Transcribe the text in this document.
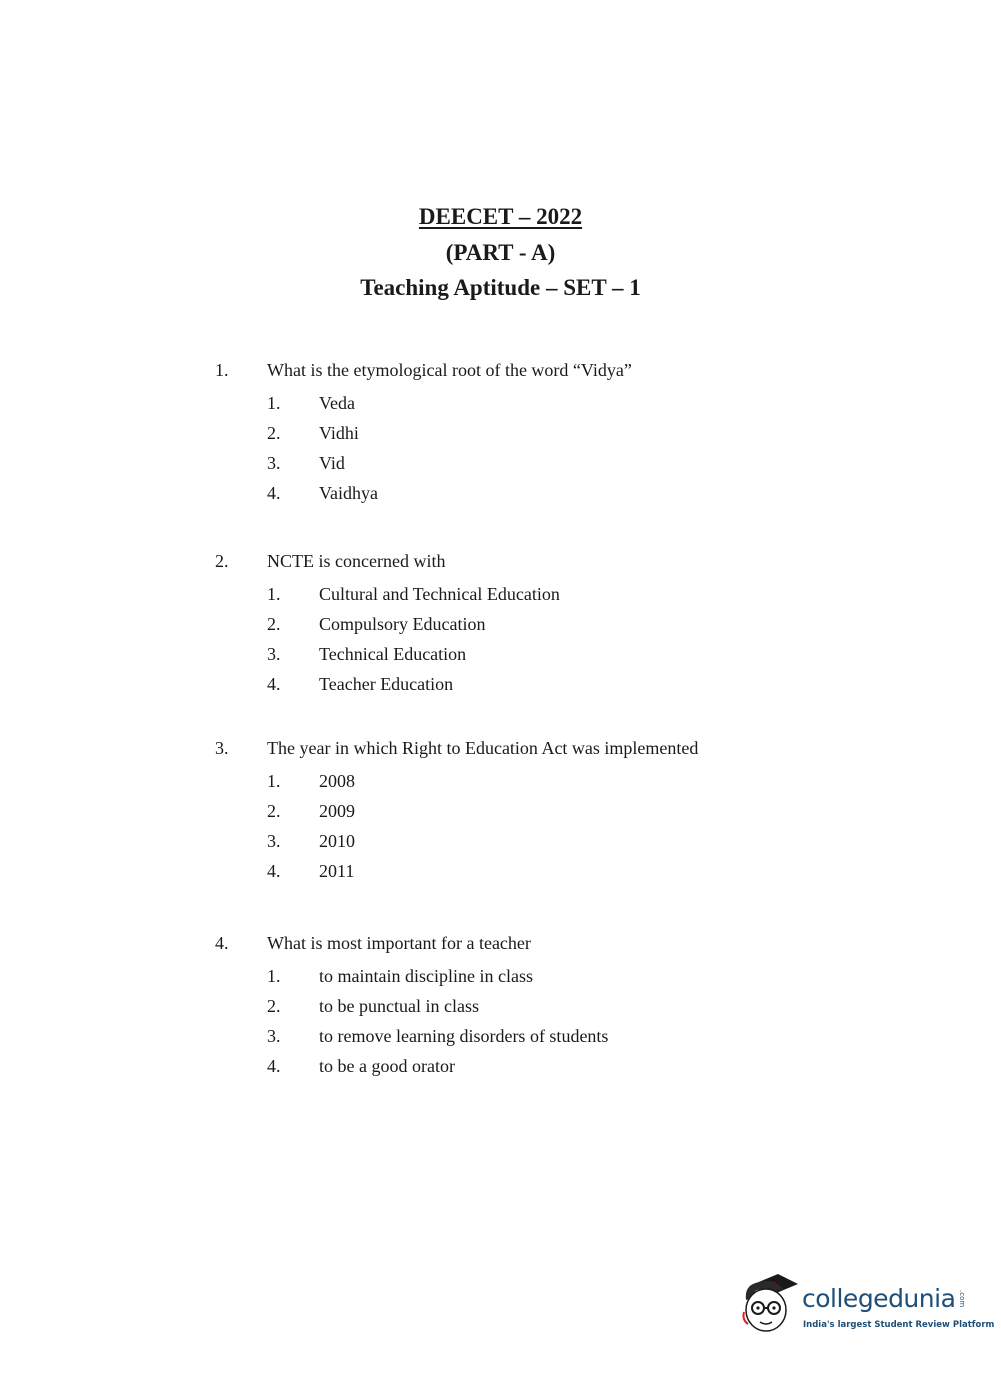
DEECET – 2022
(PART - A)
Teaching Aptitude – SET – 1
1. What is the etymological root of the word “Vidya”
1. Veda
2. Vidhi
3. Vid
4. Vaidhya
2. NCTE is concerned with
1. Cultural and Technical Education
2. Compulsory Education
3. Technical Education
4. Teacher Education
3. The year in which Right to Education Act was implemented
1. 2008
2. 2009
3. 2010
4. 2011
4. What is most important for a teacher
1. to maintain discipline in class
2. to be punctual in class
3. to remove learning disorders of students
4. to be a good orator
collegedunia .com
India's largest Student Review Platform
